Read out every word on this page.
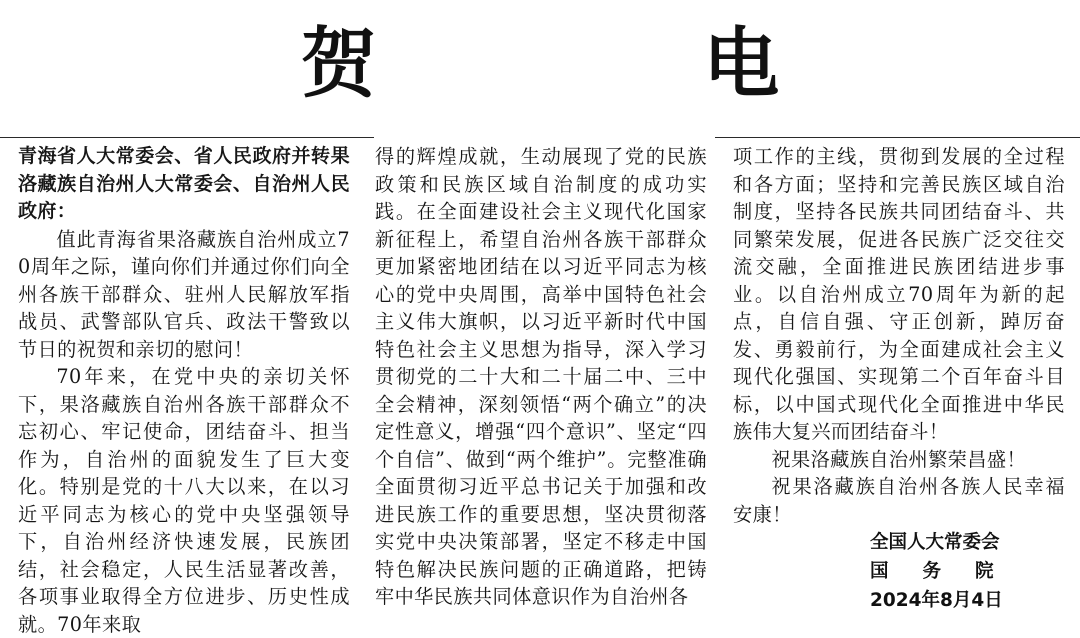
贺 电

青海省人大常委会、省人民政府并转果洛藏族自治州人大常委会、自治州人民政府：

值此青海省果洛藏族自治州成立70周年之际，谨向你们并通过你们向全州各族干部群众、驻州人民解放军指战员、武警部队官兵、政法干警致以节日的祝贺和亲切的慰问！

70年来，在党中央的亲切关怀下，果洛藏族自治州各族干部群众不忘初心、牢记使命，团结奋斗、担当作为，自治州的面貌发生了巨大变化。特别是党的十八大以来，在以习近平同志为核心的党中央坚强领导下，自治州经济快速发展，民族团结，社会稳定，人民生活显著改善，各项事业取得全方位进步、历史性成就。70年来取

得的辉煌成就，生动展现了党的民族政策和民族区域自治制度的成功实践。在全面建设社会主义现代化国家新征程上，希望自治州各族干部群众更加紧密地团结在以习近平同志为核心的党中央周围，高举中国特色社会主义伟大旗帜，以习近平新时代中国特色社会主义思想为指导，深入学习贯彻党的二十大和二十届二中、三中全会精神，深刻领悟“两个确立”的决定性意义，增强“四个意识”、坚定“四个自信”、做到“两个维护”。完整准确全面贯彻习近平总书记关于加强和改进民族工作的重要思想，坚决贯彻落实党中央决策部署，坚定不移走中国特色解决民族问题的正确道路，把铸牢中华民族共同体意识作为自治州各

项工作的主线，贯彻到发展的全过程和各方面；坚持和完善民族区域自治制度，坚持各民族共同团结奋斗、共同繁荣发展，促进各民族广泛交往交流交融，全面推进民族团结进步事业。以自治州成立70周年为新的起点，自信自强、守正创新，踔厉奋发、勇毅前行，为全面建成社会主义现代化强国、实现第二个百年奋斗目标，以中国式现代化全面推进中华民族伟大复兴而团结奋斗！

祝果洛藏族自治州繁荣昌盛！

祝果洛藏族自治州各族人民幸福安康！

全国人大常委会
国务院
2024年8月4日
